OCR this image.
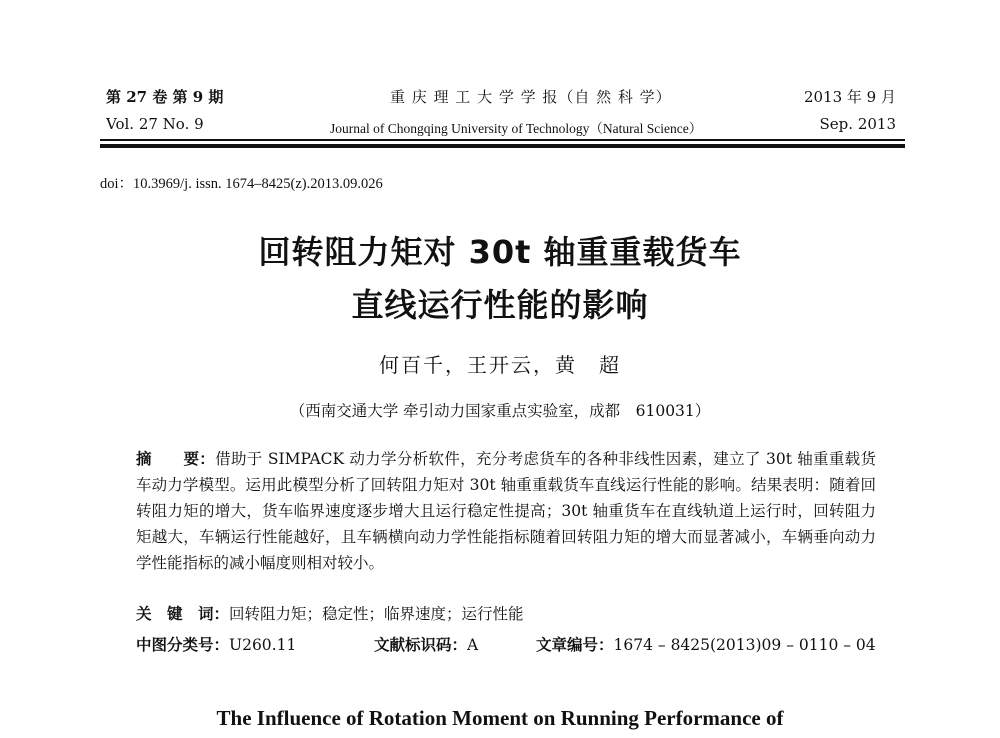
第 27 卷 第 9 期
Vol. 27 No. 9
重 庆 理 工 大 学 学 报（自 然 科 学）
Journal of Chongqing University of Technology（Natural Science）
2013 年 9 月
Sep. 2013
doi：10.3969/j. issn. 1674–8425(z).2013.09.026
回转阻力矩对 30t 轴重重载货车
直线运行性能的影响
何百千，王开云，黄　超
（西南交通大学 牵引动力国家重点实验室，成都　610031）
摘　　要：借助于 SIMPACK 动力学分析软件，充分考虑货车的各种非线性因素，建立了 30t 轴重重载货车动力学模型。运用此模型分析了回转阻力矩对 30t 轴重重载货车直线运行性能的影响。结果表明：随着回转阻力矩的增大，货车临界速度逐步增大且运行稳定性提高；30t 轴重货车在直线轨道上运行时，回转阻力矩越大，车辆运行性能越好，且车辆横向动力学性能指标随着回转阻力矩的增大而显著减小，车辆垂向动力学性能指标的减小幅度则相对较小。
关　键　词：回转阻力矩；稳定性；临界速度；运行性能
中图分类号：U260.11	文献标识码：A	文章编号：1674 – 8425(2013)09 – 0110 – 04
The Influence of Rotation Moment on Running Performance of
